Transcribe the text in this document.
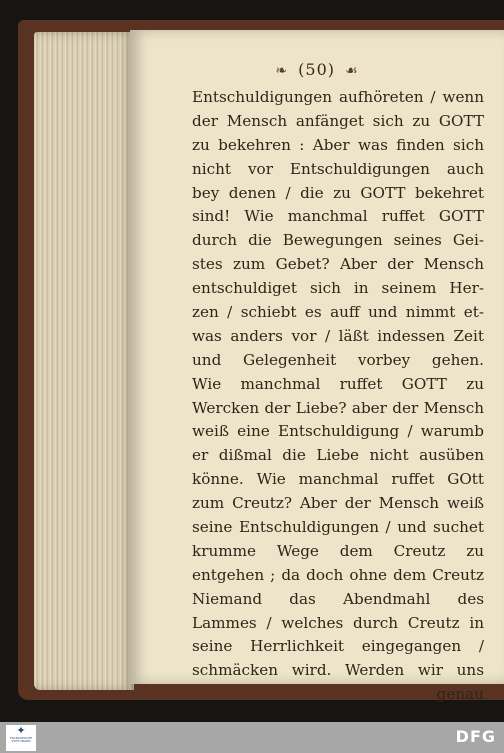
❧ (50) ☙
Entschuldigungen aufhöreten / wenn
der Mensch anfänget sich zu GOTT
zu bekehren : Aber was finden sich
nicht vor Entschuldigungen auch
bey denen / die zu GOTT bekehret
sind! Wie manchmal ruffet GOTT
durch die Bewegungen seines Gei-
stes zum Gebet? Aber der Mensch
entschuldiget sich in seinem Her-
zen / schiebt es auff und nimmt et-
was anders vor / läßt indessen Zeit
und Gelegenheit vorbey gehen.
Wie manchmal ruffet GOTT zu
Wercken der Liebe? aber der Mensch
weiß eine Entschuldigung / warumb
er dißmal die Liebe nicht ausüben
könne. Wie manchmal ruffet GOtt
zum Creutz? Aber der Mensch weiß
seine Entschuldigungen / und suchet
krumme Wege dem Creutz zu
entgehen ; da doch ohne dem Creutz
Niemand das Abendmahl des
Lammes / welches durch Creutz in
seine Herrlichkeit eingegangen /
schmäcken wird. Werden wir uns
genau
✦
FRANCKESCHE STIFTUNGEN	DFG
